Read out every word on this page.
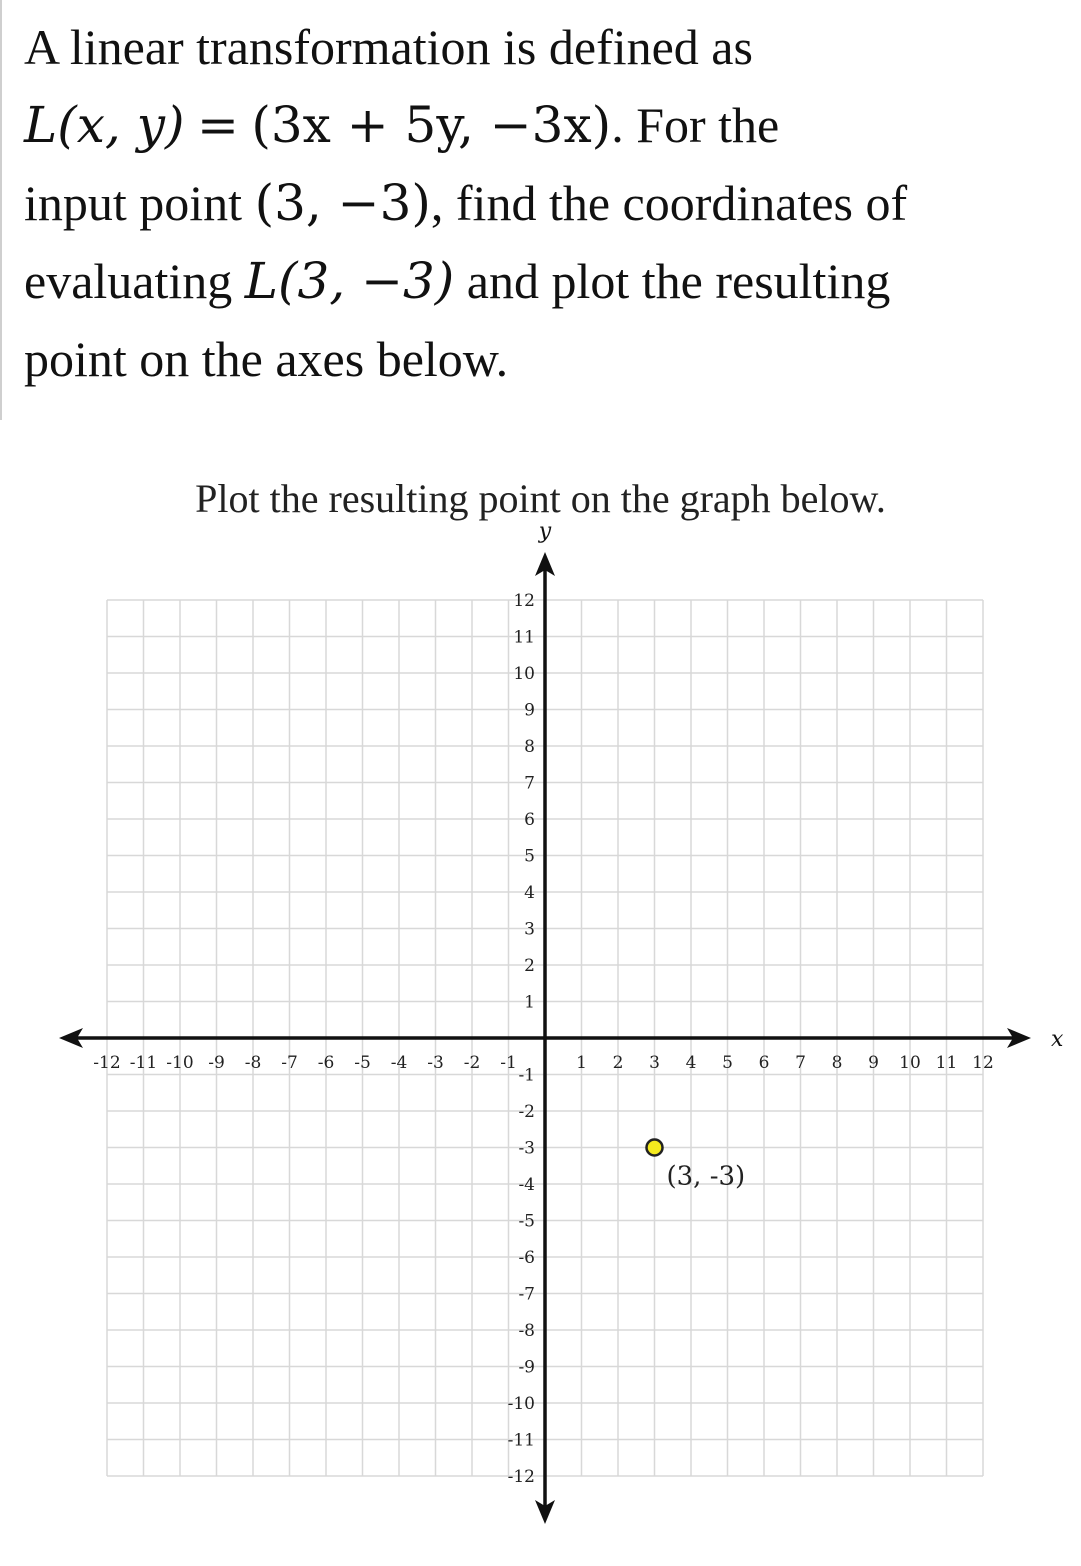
A linear transformation is defined as
L(x, y) = (3x + 5y, −3x). For the
input point (3, −3), find the coordinates of
evaluating L(3, −3) and plot the resulting
point on the axes below.
Plot the resulting point on the graph below.
x
y
-12 -11 -10 -9 -8 -7 -6 -5 -4 -3 -2 -1	1 2 3 4 5 6 7 8 9 10 11 12
12
11
10
9
8
7
6
5
4
3
2
1
-1
-2
-3
-4
-5
-6
-7
-8
-9
-10
-11
-12
(3, -3)
